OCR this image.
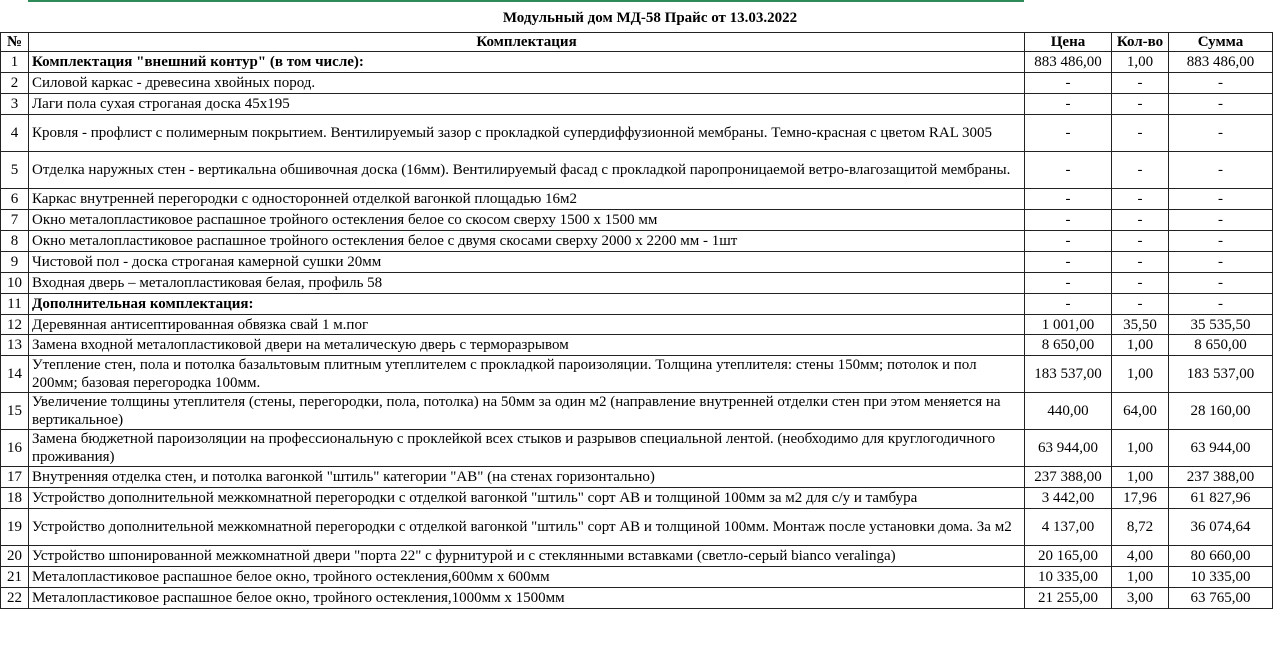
Модульный дом МД-58 Прайс от 13.03.2022
№	Комплектация	Цена	Кол-во	Сумма
1	Комплектация "внешний контур" (в том числе):	883 486,00	1,00	883 486,00
2	Силовой каркас - древесина хвойных пород.	-	-	-
3	Лаги пола сухая строганая доска 45х195	-	-	-
4	Кровля - профлист с полимерным покрытием. Вентилируемый зазор с прокладкой супердиффузионной мембраны. Темно-красная с цветом RAL 3005	-	-	-
5	Отделка наружных стен - вертикальна обшивочная доска (16мм). Вентилируемый фасад с прокладкой паропроницаемой ветро-влагозащитой мембраны.	-	-	-
6	Каркас внутренней перегородки с односторонней отделкой вагонкой площадью 16м2	-	-	-
7	Окно металопластиковое распашное тройного остекления белое со скосом сверху 1500 х 1500 мм	-	-	-
8	Окно металопластиковое распашное тройного остекления белое с двумя скосами сверху 2000 х 2200 мм - 1шт	-	-	-
9	Чистовой пол - доска строганая камерной сушки 20мм	-	-	-
10	Входная дверь – металопластиковая белая, профиль 58	-	-	-
11	Дополнительная комплектация:	-	-	-
12	Деревянная антисептированная обвязка свай 1 м.пог	1 001,00	35,50	35 535,50
13	Замена входной металопластиковой двери на металическую дверь с терморазрывом	8 650,00	1,00	8 650,00
14	Утепление стен, пола и потолка базальтовым плитным утеплителем с прокладкой пароизоляции. Толщина утеплителя: стены 150мм; потолок и пол 200мм; базовая перегородка 100мм.	183 537,00	1,00	183 537,00
15	Увеличение толщины утеплителя (стены, перегородки, пола, потолка) на 50мм за один м2 (направление внутренней отделки стен при этом меняется на вертикальное)	440,00	64,00	28 160,00
16	Замена бюджетной пароизоляции на профессиональную с проклейкой всех стыков и разрывов специальной лентой. (необходимо для круглогодичного проживания)	63 944,00	1,00	63 944,00
17	Внутренняя отделка стен, и потолка вагонкой "штиль" категории "АВ" (на стенах горизонтально)	237 388,00	1,00	237 388,00
18	Устройство дополнительной межкомнатной перегородки с отделкой вагонкой "штиль" сорт АВ и толщиной 100мм за м2 для с/у и тамбура	3 442,00	17,96	61 827,96
19	Устройство дополнительной межкомнатной перегородки с отделкой вагонкой "штиль" сорт АВ и толщиной 100мм. Монтаж после установки дома. За м2	4 137,00	8,72	36 074,64
20	Устройство шпонированной межкомнатной двери "порта 22" с фурнитурой и с стеклянными вставками (светло-серый bianco veralinga)	20 165,00	4,00	80 660,00
21	Металопластиковое распашное белое окно, тройного остекления,600мм х 600мм	10 335,00	1,00	10 335,00
22	Металопластиковое распашное белое окно, тройного остекления,1000мм х 1500мм	21 255,00	3,00	63 765,00
